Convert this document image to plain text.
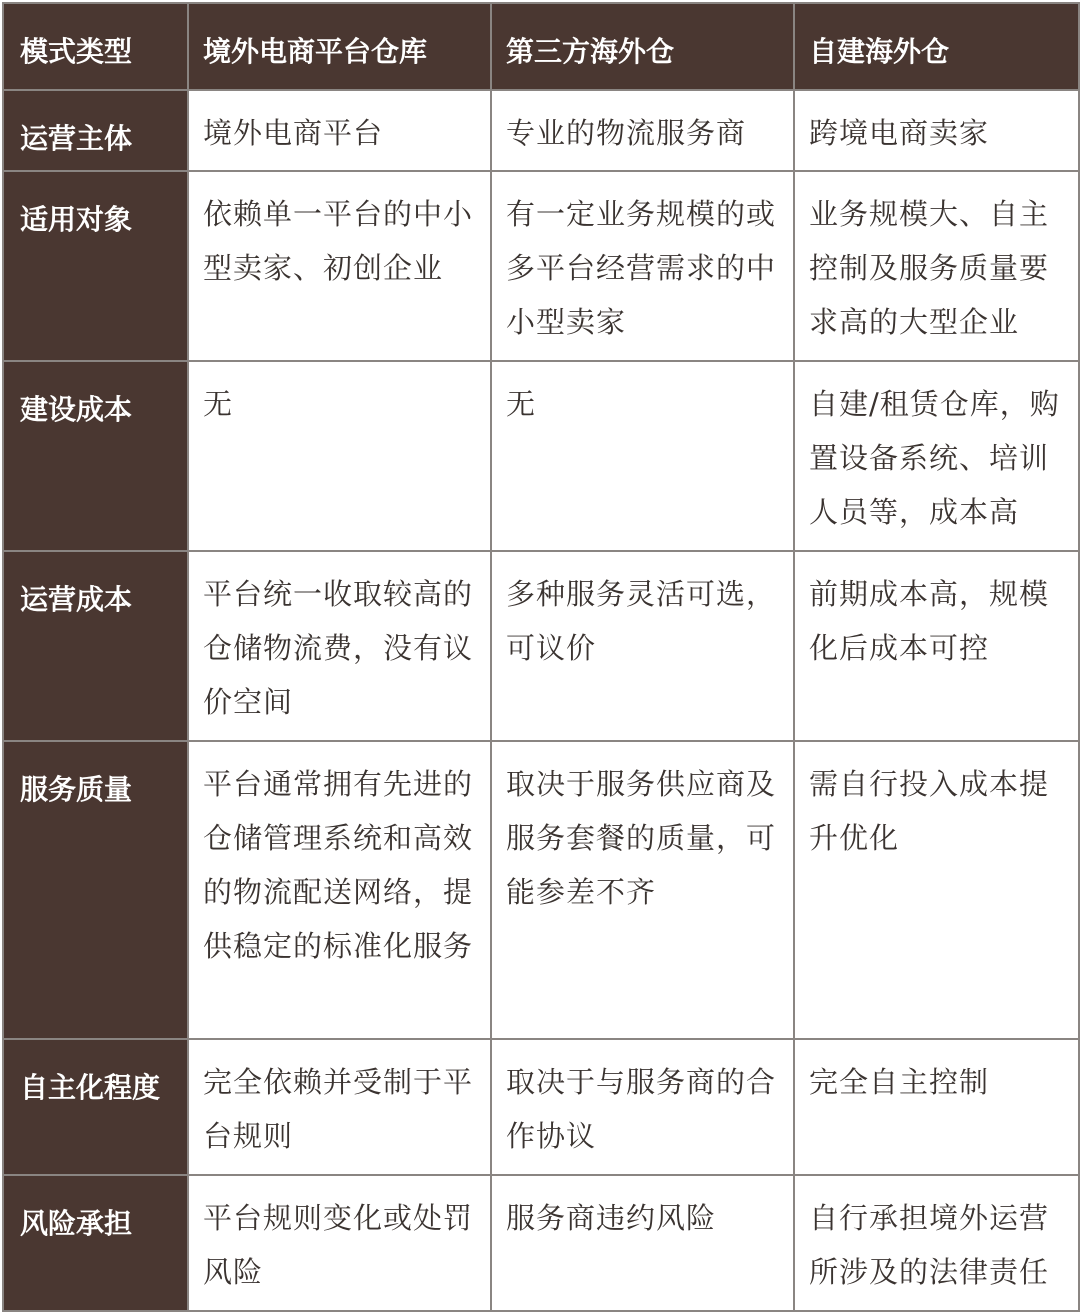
模式类型	境外电商平台仓库	第三方海外仓	自建海外仓
运营主体	境外电商平台	专业的物流服务商	跨境电商卖家
适用对象	依赖单一平台的中小型卖家、初创企业	有一定业务规模的或多平台经营需求的中小型卖家	业务规模大、自主控制及服务质量要求高的大型企业
建设成本	无	无	自建/租赁仓库，购置设备系统、培训人员等，成本高
运营成本	平台统一收取较高的仓储物流费，没有议价空间	多种服务灵活可选，可议价	前期成本高，规模化后成本可控
服务质量	平台通常拥有先进的仓储管理系统和高效的物流配送网络，提供稳定的标准化服务	取决于服务供应商及服务套餐的质量，可能参差不齐	需自行投入成本提升优化
自主化程度	完全依赖并受制于平台规则	取决于与服务商的合作协议	完全自主控制
风险承担	平台规则变化或处罚风险	服务商违约风险	自行承担境外运营所涉及的法律责任
